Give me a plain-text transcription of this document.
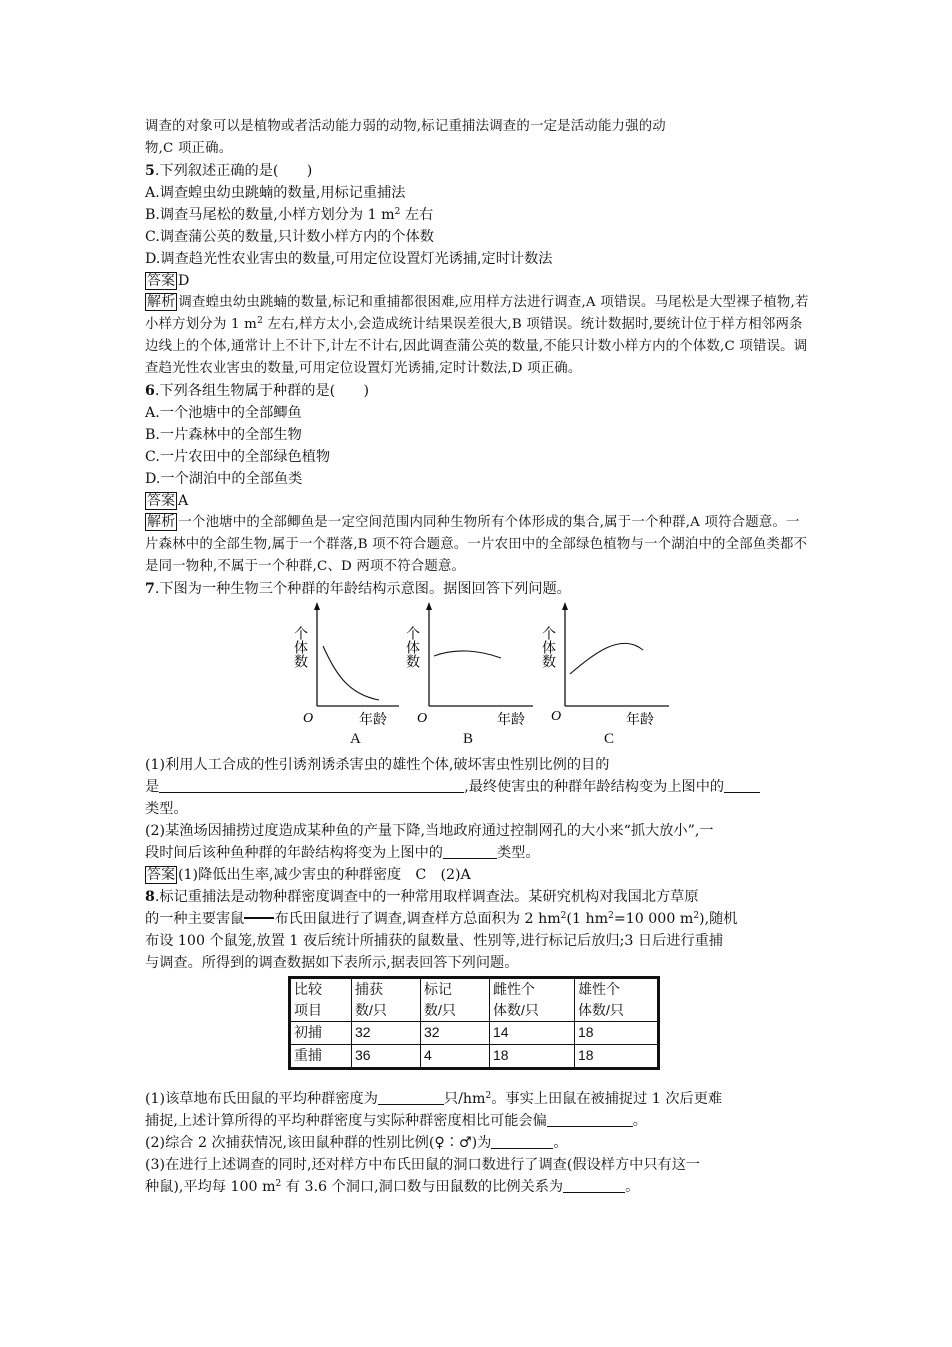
调查的对象可以是植物或者活动能力弱的动物,标记重捕法调查的一定是活动能力强的动

物,C 项正确。

5.下列叙述正确的是(　　)

A.调查蝗虫幼虫跳蝻的数量,用标记重捕法

B.调查马尾松的数量,小样方划分为 1 $m^2$ 左右

C.调查蒲公英的数量,只计数小样方内的个体数

D.调查趋光性农业害虫的数量,可用定位设置灯光诱捕,定时计数法

答案 D

解析 调查蝗虫幼虫跳蝻的数量,标记和重捕都很困难,应用样方法进行调查,A 项错误。马尾松是大型裸子植物,若小样方划分为 1 $m^2$ 左右,样方太小,会造成统计结果误差很大,B 项错误。统计数据时,要统计位于样方相邻两条边线上的个体,通常计上不计下,计左不计右,因此调查蒲公英的数量,不能只计数小样方内的个体数,C 项错误。调查趋光性农业害虫的数量,可用定位设置灯光诱捕,定时计数法,D 项正确。

6.下列各组生物属于种群的是(　　)

A.一个池塘中的全部鲫鱼

B.一片森林中的全部生物

C.一片农田中的全部绿色植物

D.一个湖泊中的全部鱼类

答案 A

解析 一个池塘中的全部鲫鱼是一定空间范围内同种生物所有个体形成的集合,属于一个种群,A 项符合题意。一片森林中的全部生物,属于一个群落,B 项不符合题意。一片农田中的全部绿色植物与一个湖泊中的全部鱼类都不是同一物种,不属于一个种群,C、D 两项不符合题意。

7.下图为一种生物三个种群的年龄结构示意图。据图回答下列问题。

个体数
O	年龄
A
个体数
O	年龄
B
个体数
O	年龄
C

(1)利用人工合成的性引诱剂诱杀害虫的雄性个体,破坏害虫性别比例的目的

是	,最终使害虫的种群年龄结构变为上图中的

类型。

(2)某渔场因捕捞过度造成某种鱼的产量下降,当地政府通过控制网孔的大小来“抓大放小”,一

段时间后该种鱼种群的年龄结构将变为上图中的	类型。

答案 (1)降低出生率,减少害虫的种群密度　C　(2)A

8.标记重捕法是动物种群密度调查中的一种常用取样调查法。某研究机构对我国北方草原

的一种主要害鼠 布氏田鼠进行了调查,调查样方总面积为 2 $hm^2(1$ $hm^2=10$ 000 $m^2$),随机

布设 100 个鼠笼,放置 1 夜后统计所捕获的鼠数量、性别等,进行标记后放归;3 日后进行重捕

与调查。所得到的调查数据如下表所示,据表回答下列问题。

比较
项目	捕获
数/只	标记
数/只	雌性个
体数/只	雄性个
体数/只
初捕	32	32	14	18
重捕	36	4	18	18

(1)该草地布氏田鼠的平均种群密度为	只$/hm^2$。事实上田鼠在被捕捉过 1 次后更难

捕捉,上述计算所得的平均种群密度与实际种群密度相比可能会偏	。

(2)综合 2 次捕获情况,该田鼠种群的性别比例(♀∶♂)为	。

(3)在进行上述调查的同时,还对样方中布氏田鼠的洞口数进行了调查(假设样方中只有这一

种鼠),平均每 100 $m^2$ 有 3.6 个洞口,洞口数与田鼠数的比例关系为	。
